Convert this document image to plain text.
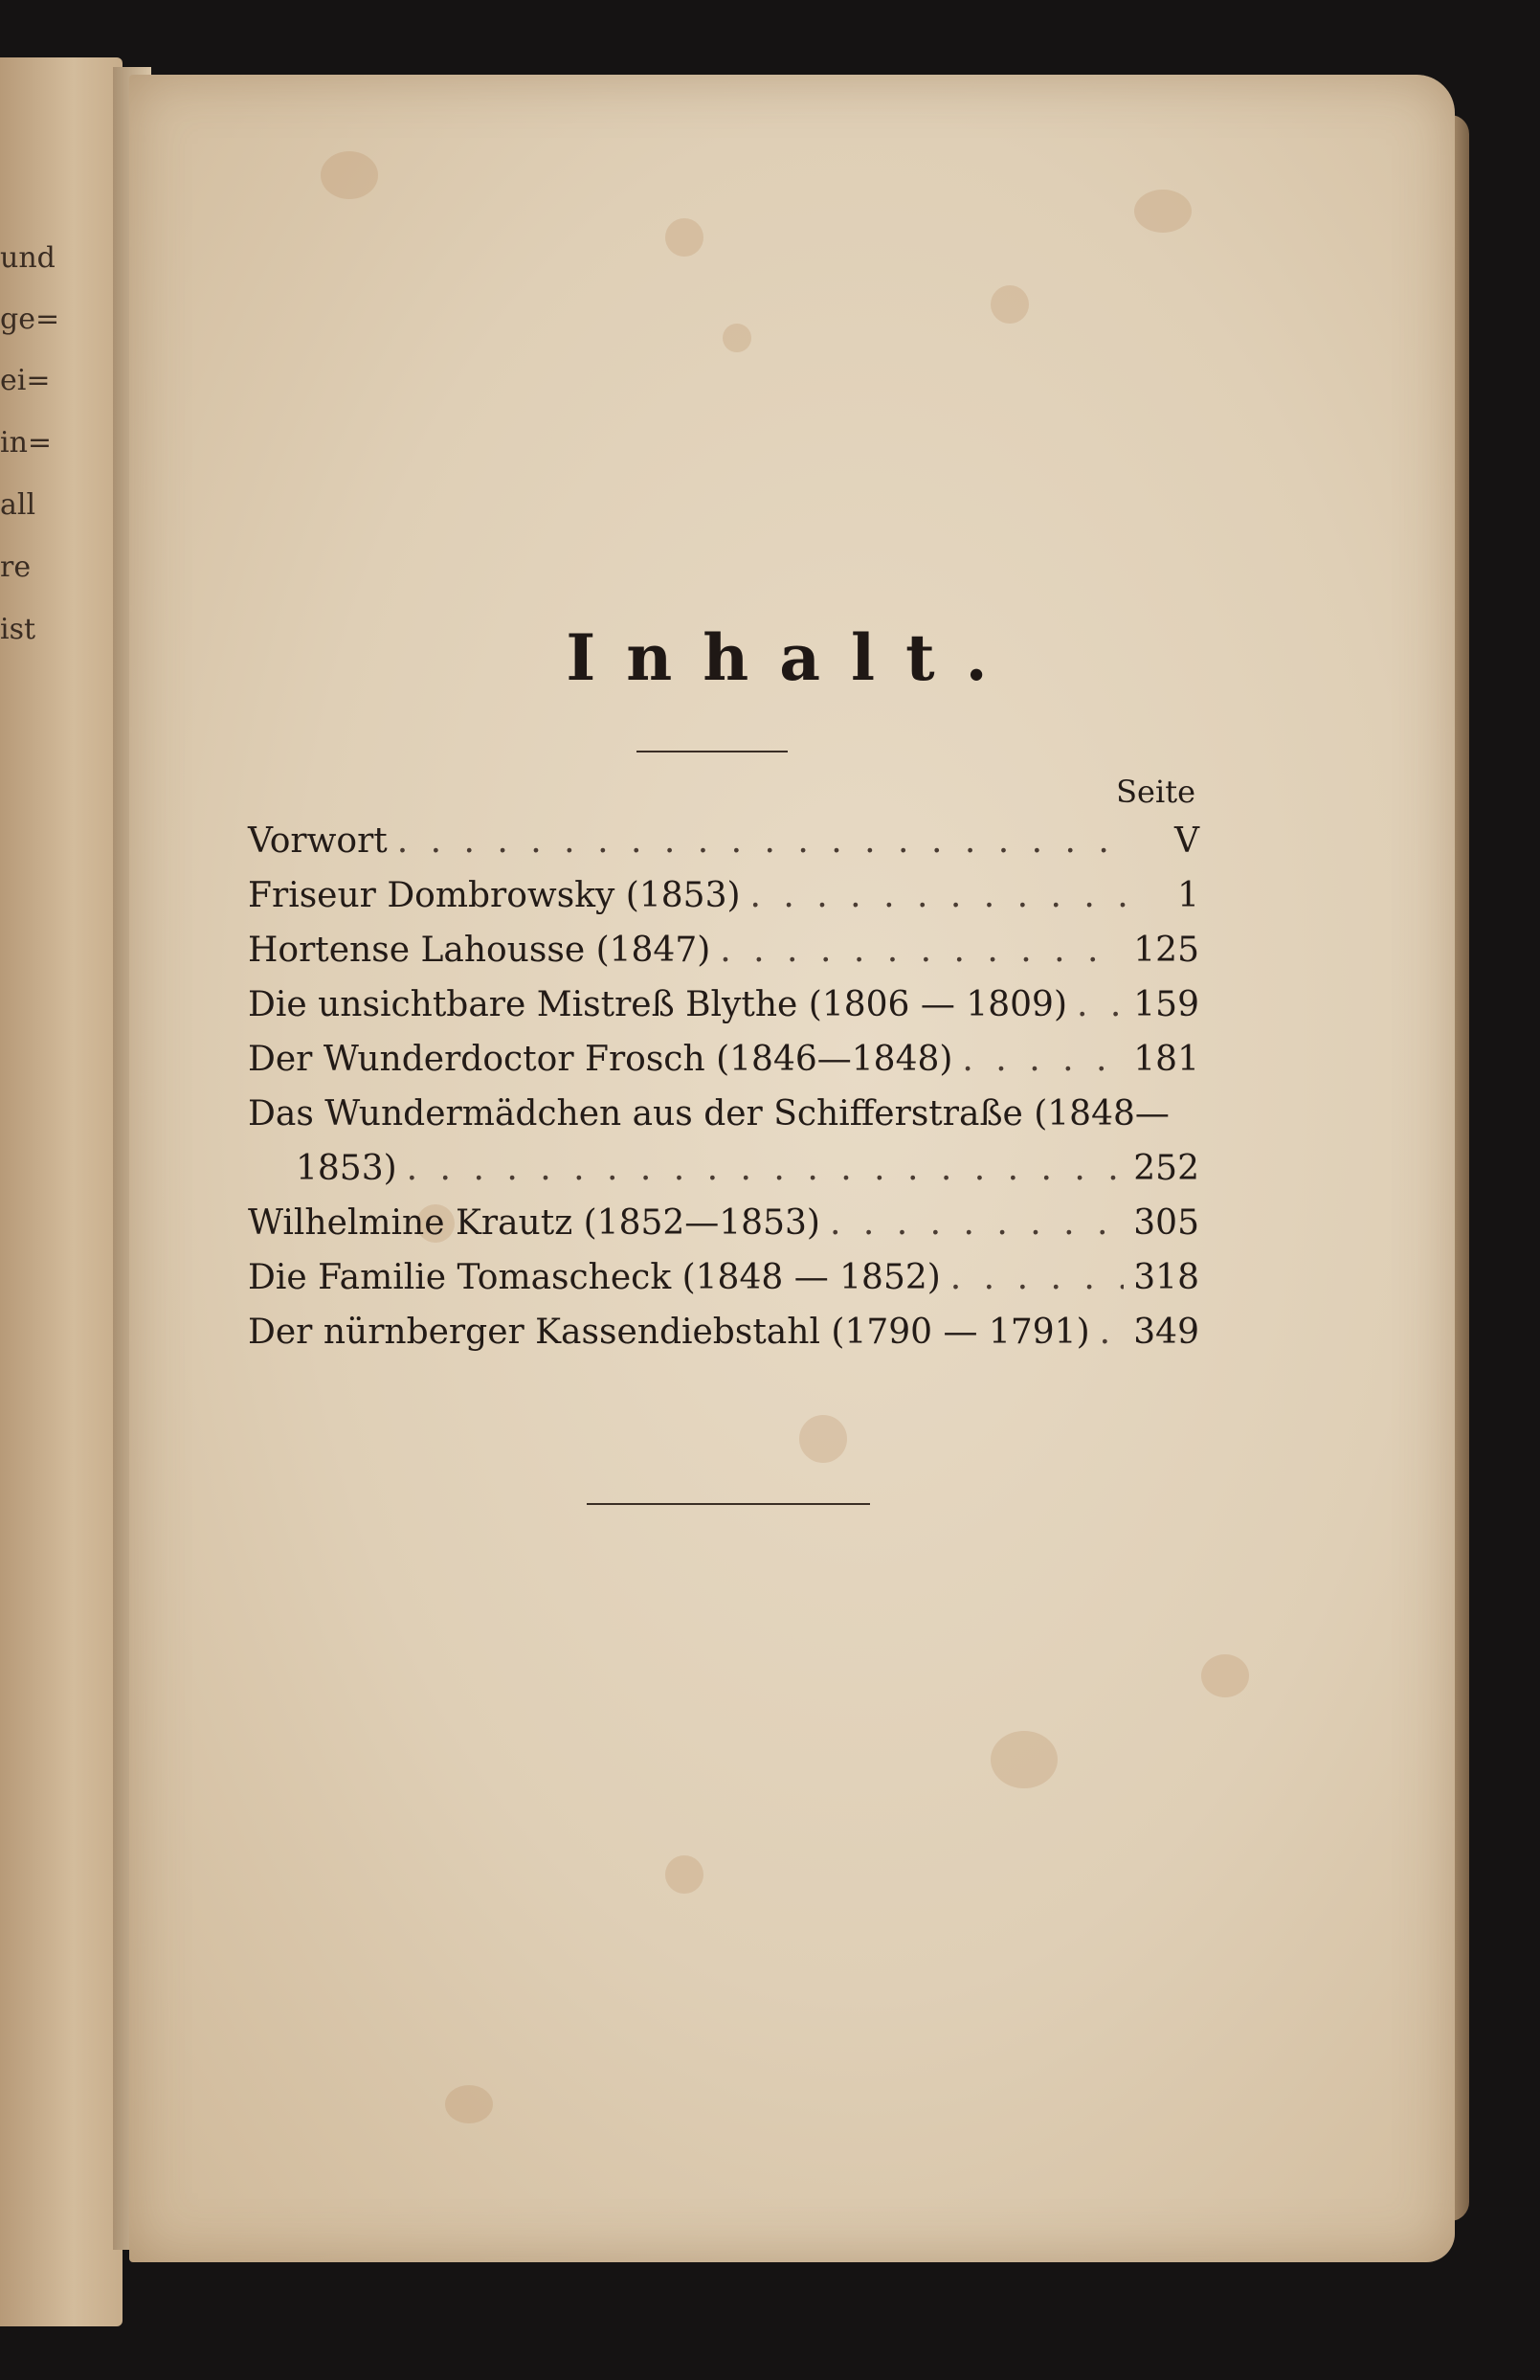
und
ge=
ei=
in=
all
re
ist	Inhalt.
Seite
Vorwort . . .	V
Friseur Dombrowsky (1853) . . .	1
Hortense Lahousse (1847) . . .	125
Die unsichtbare Mistreß Blythe (1806 — 1809) . . . 159
Der Wunderdoctor Frosch (1846—1848) . . .	181
Das Wundermädchen aus der Schifferstraße (1848—
1853) . . .	252
Wilhelmine Krautz (1852—1853) . . .	305
Die Familie Tomascheck (1848 — 1852) . . .	318
Der nürnberger Kassendiebstahl (1790 — 1791) . . . 349
